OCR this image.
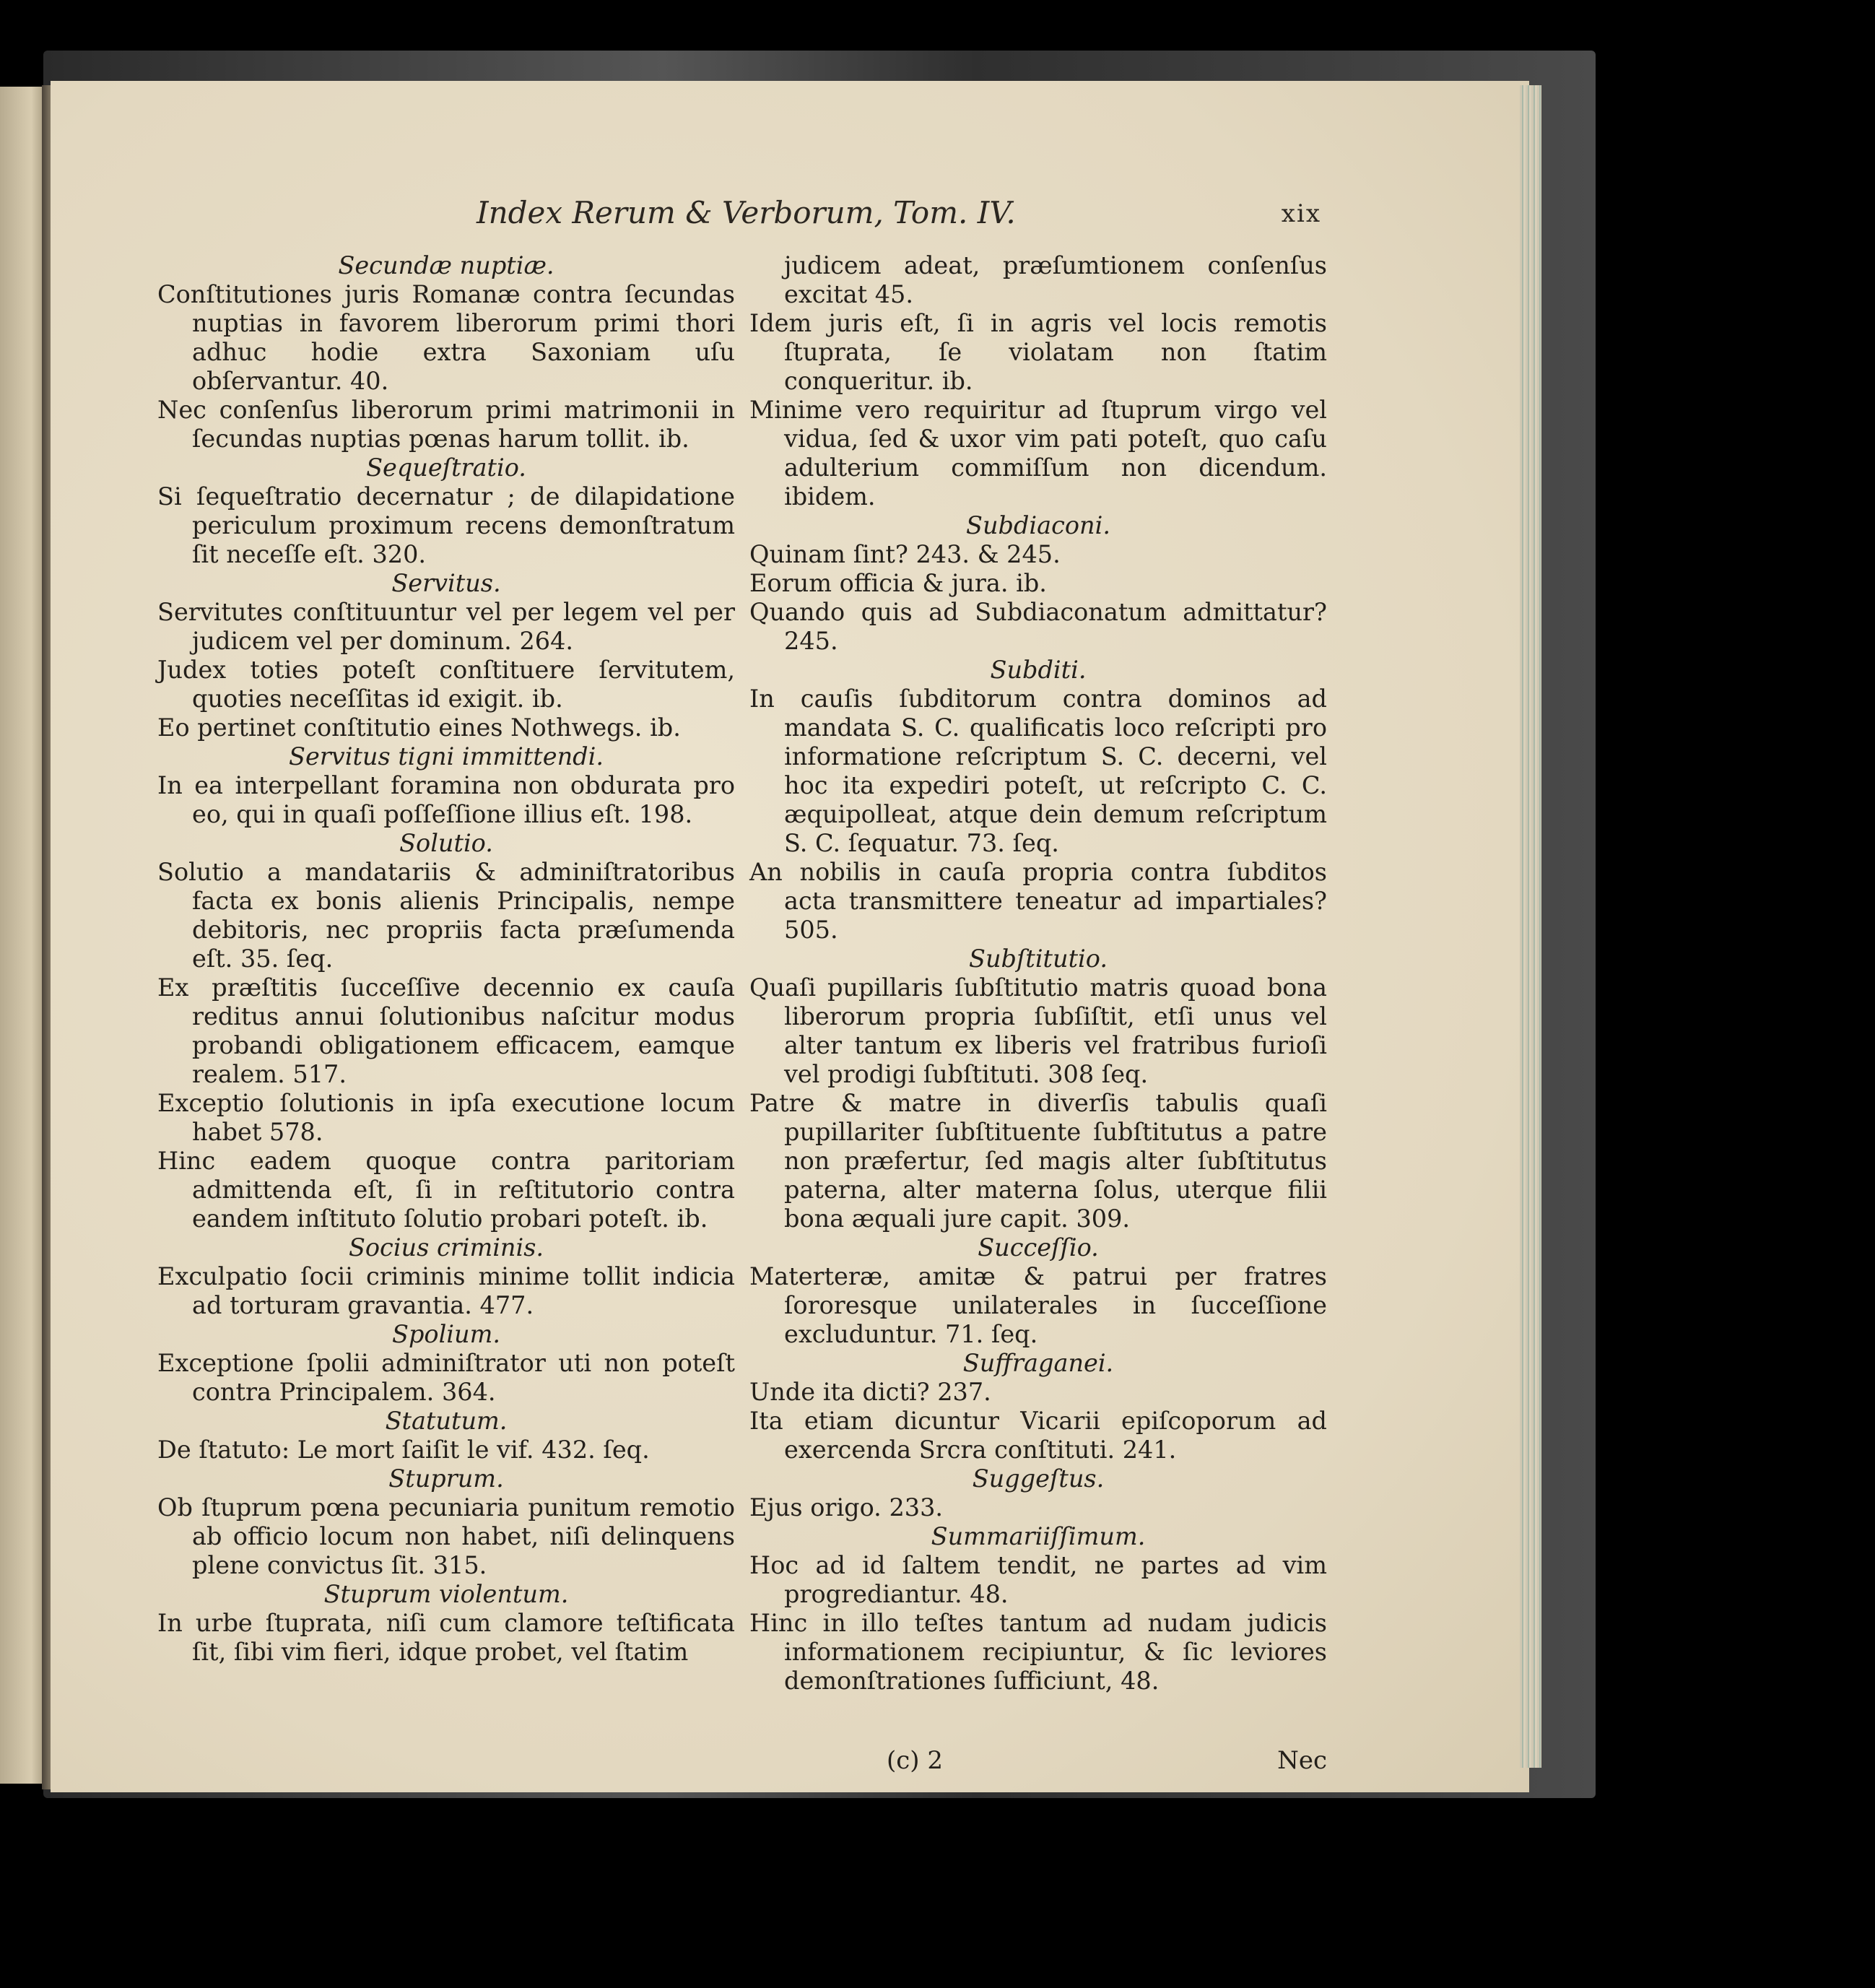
Index Rerum & Verborum, Tom. IV.	xix
Secundæ nuptiæ.
Conſtitutiones juris Romanæ contra ſecundas nuptias in favorem liberorum primi thori adhuc hodie extra Saxoniam uſu obſervantur. 40.
Nec conſenſus liberorum primi matrimonii in ſecundas nuptias pœnas harum tollit. ib.
Sequeſtratio.
Si ſequeſtratio decernatur ; de dilapidatione periculum proximum recens demonſtratum ſit neceſſe eſt. 320.
Servitus.
Servitutes conſtituuntur vel per legem vel per judicem vel per dominum. 264.
Judex toties poteſt conſtituere ſervitutem, quoties neceſſitas id exigit. ib.
Eo pertinet conſtitutio eines Nothwegs. ib.
Servitus tigni immittendi.
In ea interpellant foramina non obdurata pro eo, qui in quaſi poſſeſſione illius eſt. 198.
Solutio.
Solutio a mandatariis & adminiſtratoribus facta ex bonis alienis Principalis, nempe debitoris, nec propriis facta præſumenda eſt. 35. ſeq.
Ex præſtitis ſucceſſive decennio ex cauſa reditus annui ſolutionibus naſcitur modus probandi obligationem efficacem, eamque realem. 517.
Exceptio ſolutionis in ipſa executione locum habet 578.
Hinc eadem quoque contra paritoriam admittenda eſt, ſi in reſtitutorio contra eandem inſtituto ſolutio probari poteſt. ib.
Socius criminis.
Exculpatio ſocii criminis minime tollit indicia ad torturam gravantia. 477.
Spolium.
Exceptione ſpolii adminiſtrator uti non poteſt contra Principalem. 364.
Statutum.
De ſtatuto: Le mort ſaiſit le vif. 432. ſeq.
Stuprum.
Ob ſtuprum pœna pecuniaria punitum remotio ab officio locum non habet, niſi delinquens plene convictus ſit. 315.
Stuprum violentum.
In urbe ſtuprata, niſi cum clamore teſtificata ſit, ſibi vim fieri, idque probet, vel ſtatim
judicem adeat, præſumtionem conſenſus excitat 45.
Idem juris eſt, ſi in agris vel locis remotis ſtuprata, ſe violatam non ſtatim conqueritur. ib.
Minime vero requiritur ad ſtuprum virgo vel vidua, ſed & uxor vim pati poteſt, quo caſu adulterium commiſſum non dicendum. ibidem.
Subdiaconi.
Quinam ſint? 243. & 245.
Eorum officia & jura. ib.
Quando quis ad Subdiaconatum admittatur? 245.
Subditi.
In cauſis ſubditorum contra dominos ad mandata S. C. qualificatis loco reſcripti pro informatione reſcriptum S. C. decerni, vel hoc ita expediri poteſt, ut reſcripto C. C. æquipolleat, atque dein demum reſcriptum S. C. ſequatur. 73. ſeq.
An nobilis in cauſa propria contra ſubditos acta transmittere teneatur ad impartiales? 505.
Subſtitutio.
Quaſi pupillaris ſubſtitutio matris quoad bona liberorum propria ſubſiſtit, etſi unus vel alter tantum ex liberis vel fratribus furioſi vel prodigi ſubſtituti. 308 ſeq.
Patre & matre in diverſis tabulis quaſi pupillariter ſubſtituente ſubſtitutus a patre non præfertur, ſed magis alter ſubſtitutus paterna, alter materna ſolus, uterque filii bona æquali jure capit. 309.
Succeſſio.
Materteræ, amitæ & patrui per fratres ſororesque unilaterales in ſucceſſione excluduntur. 71. ſeq.
Suffraganei.
Unde ita dicti? 237.
Ita etiam dicuntur Vicarii epiſcoporum ad exercenda Srcra conſtituti. 241.
Suggeſtus.
Ejus origo. 233.
Summariiſſimum.
Hoc ad id ſaltem tendit, ne partes ad vim progrediantur. 48.
Hinc in illo teſtes tantum ad nudam judicis informationem recipiuntur, & ſic leviores demonſtrationes ſufficiunt, 48.
(c) 2	Nec
